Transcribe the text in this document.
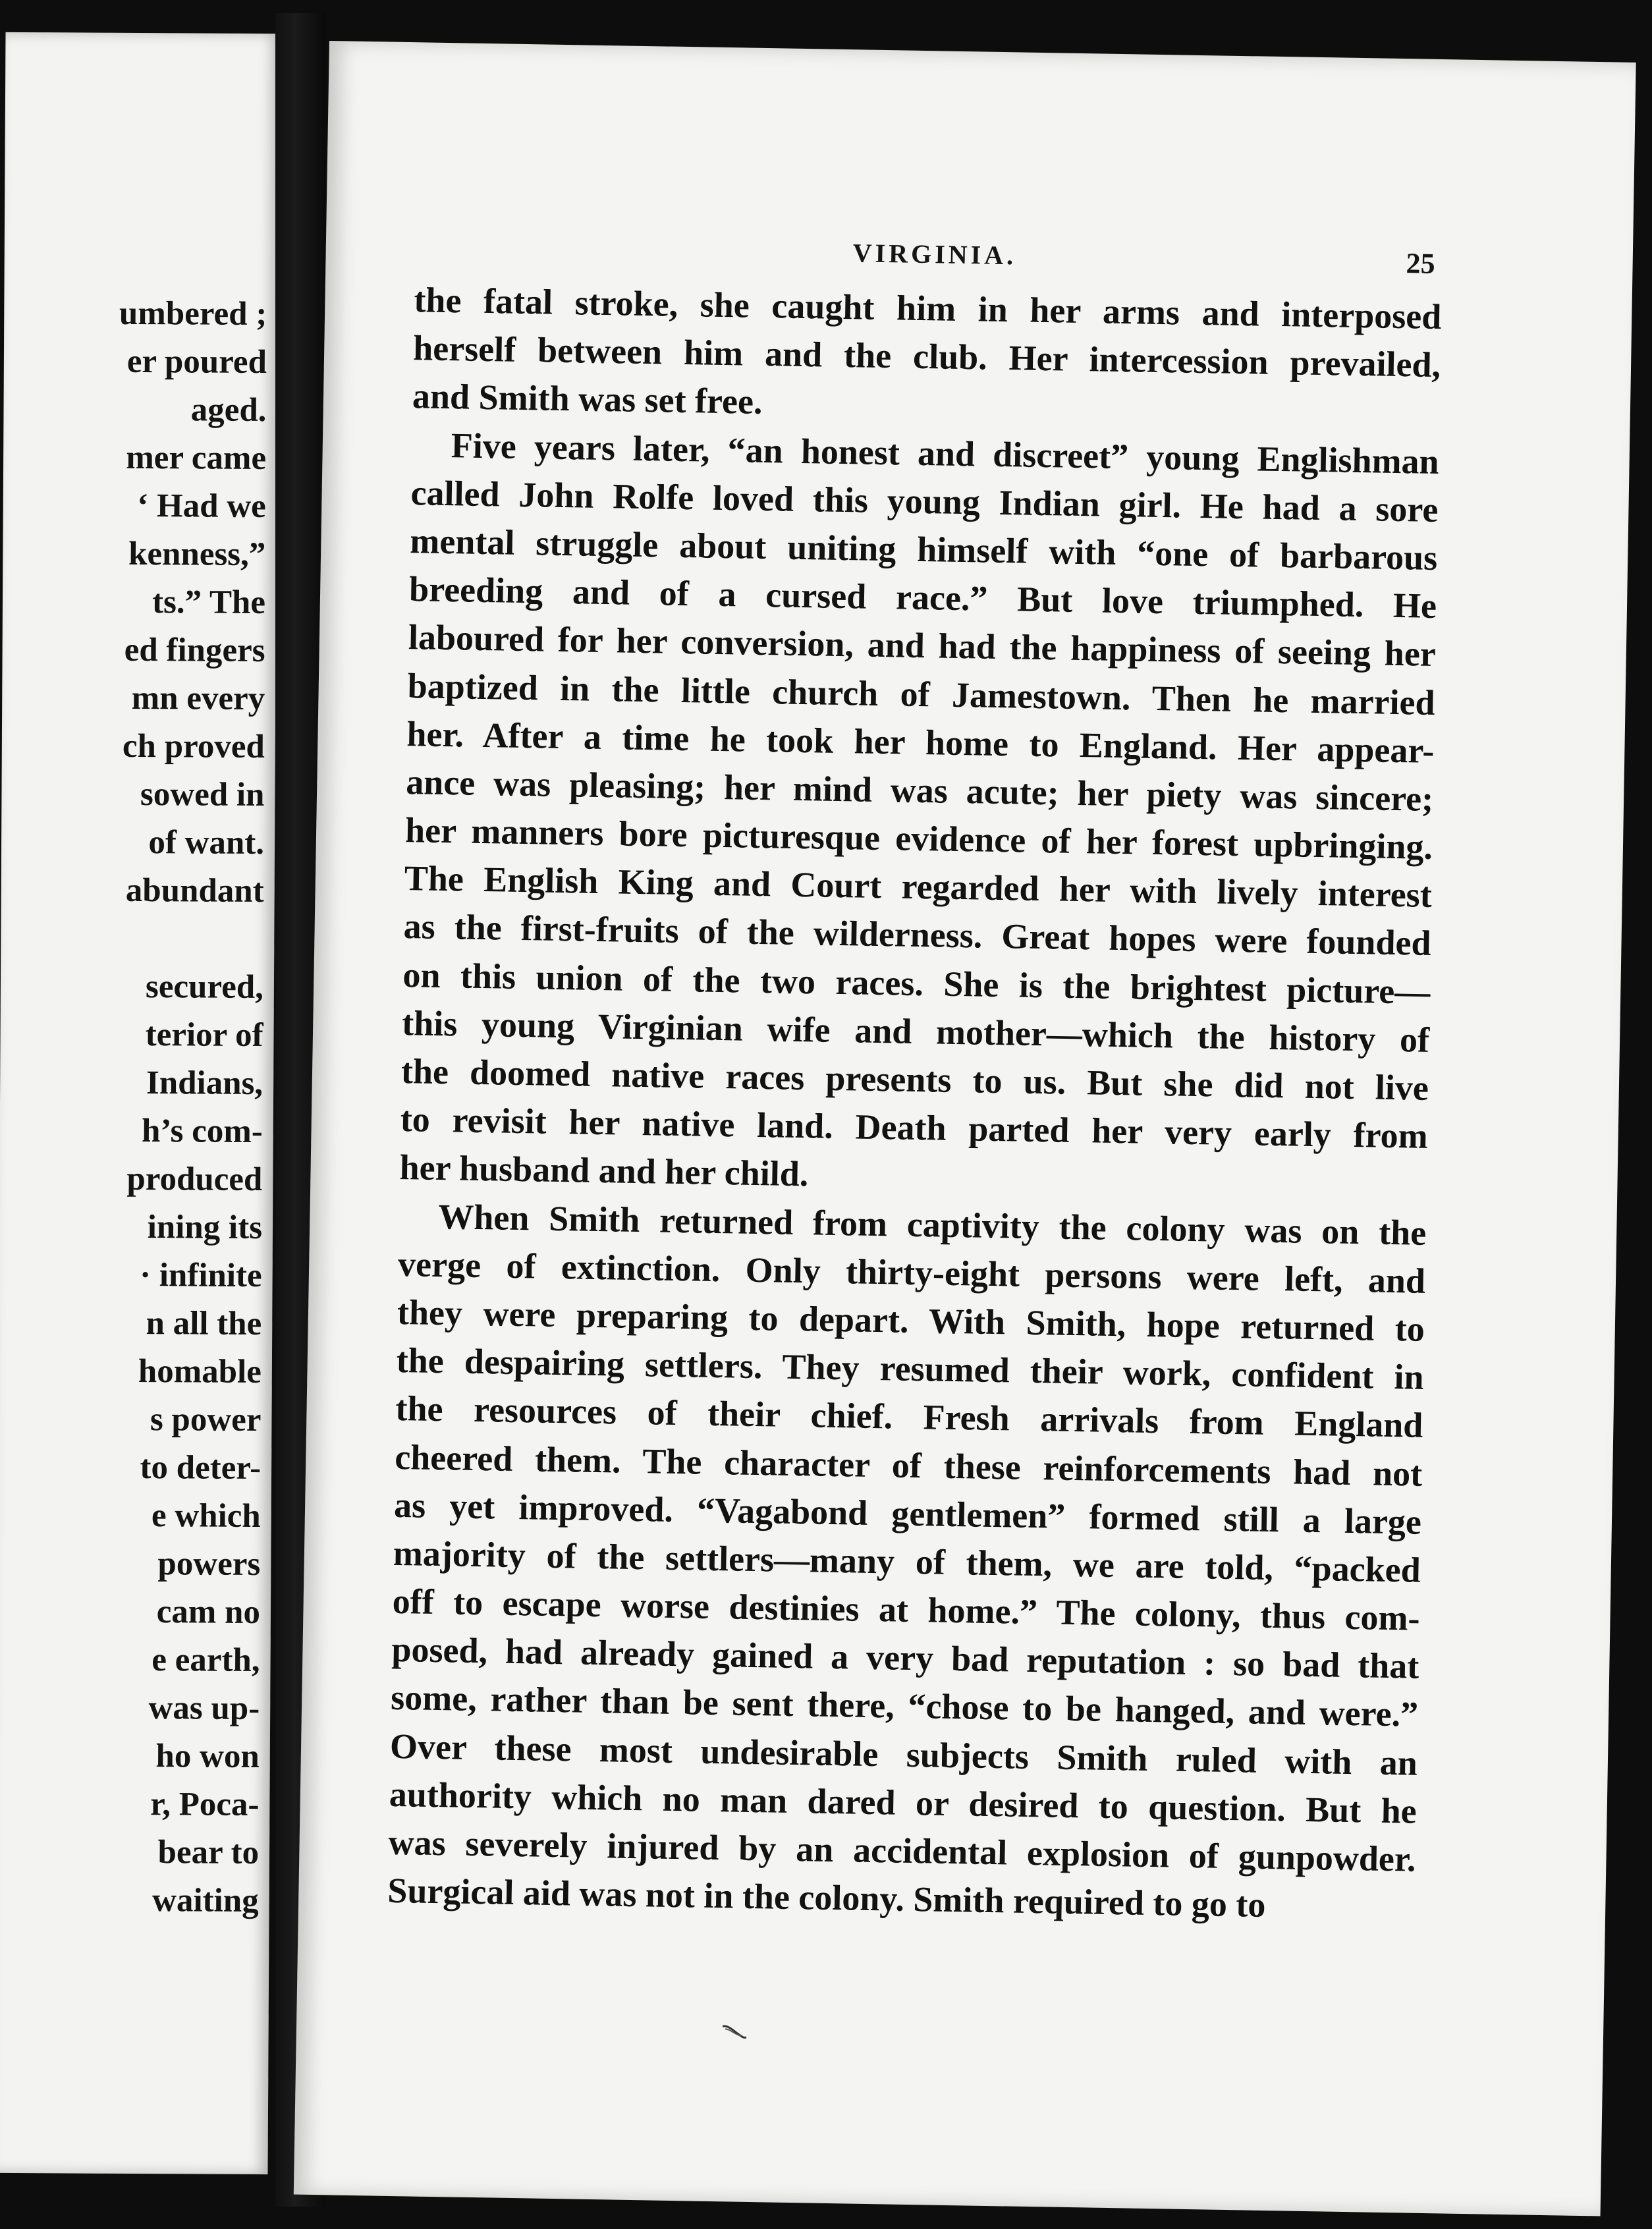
umbered ;
er poured
aged.
mer came
‘ Had we
kenness,”
ts.” The
ed fingers
mn every
ch proved
sowed in
of want.
abundant
secured,
terior of
Indians,
h’s com-
produced
ining its
· infinite
n all the
homable
s power
to deter-
e which
powers
cam no
e earth,
was up-
ho won
r, Poca-
bear to
waiting
VIRGINIA.	25
the fatal stroke, she caught him in her arms and interposed
herself between him and the club. Her intercession prevailed,
and Smith was set free.
Five years later, “an honest and discreet” young Englishman
called John Rolfe loved this young Indian girl. He had a sore
mental struggle about uniting himself with “one of barbarous
breeding and of a cursed race.” But love triumphed. He
laboured for her conversion, and had the happiness of seeing her
baptized in the little church of Jamestown. Then he married
her. After a time he took her home to England. Her appear-
ance was pleasing; her mind was acute; her piety was sincere;
her manners bore picturesque evidence of her forest upbringing.
The English King and Court regarded her with lively interest
as the first-fruits of the wilderness. Great hopes were founded
on this union of the two races. She is the brightest picture—
this young Virginian wife and mother—which the history of
the doomed native races presents to us. But she did not live
to revisit her native land. Death parted her very early from
her husband and her child.
When Smith returned from captivity the colony was on the
verge of extinction. Only thirty-eight persons were left, and
they were preparing to depart. With Smith, hope returned to
the despairing settlers. They resumed their work, confident in
the resources of their chief. Fresh arrivals from England
cheered them. The character of these reinforcements had not
as yet improved. “Vagabond gentlemen” formed still a large
majority of the settlers—many of them, we are told, “packed
off to escape worse destinies at home.” The colony, thus com-
posed, had already gained a very bad reputation : so bad that
some, rather than be sent there, “chose to be hanged, and were.”
Over these most undesirable subjects Smith ruled with an
authority which no man dared or desired to question. But he
was severely injured by an accidental explosion of gunpowder.
Surgical aid was not in the colony. Smith required to go to
